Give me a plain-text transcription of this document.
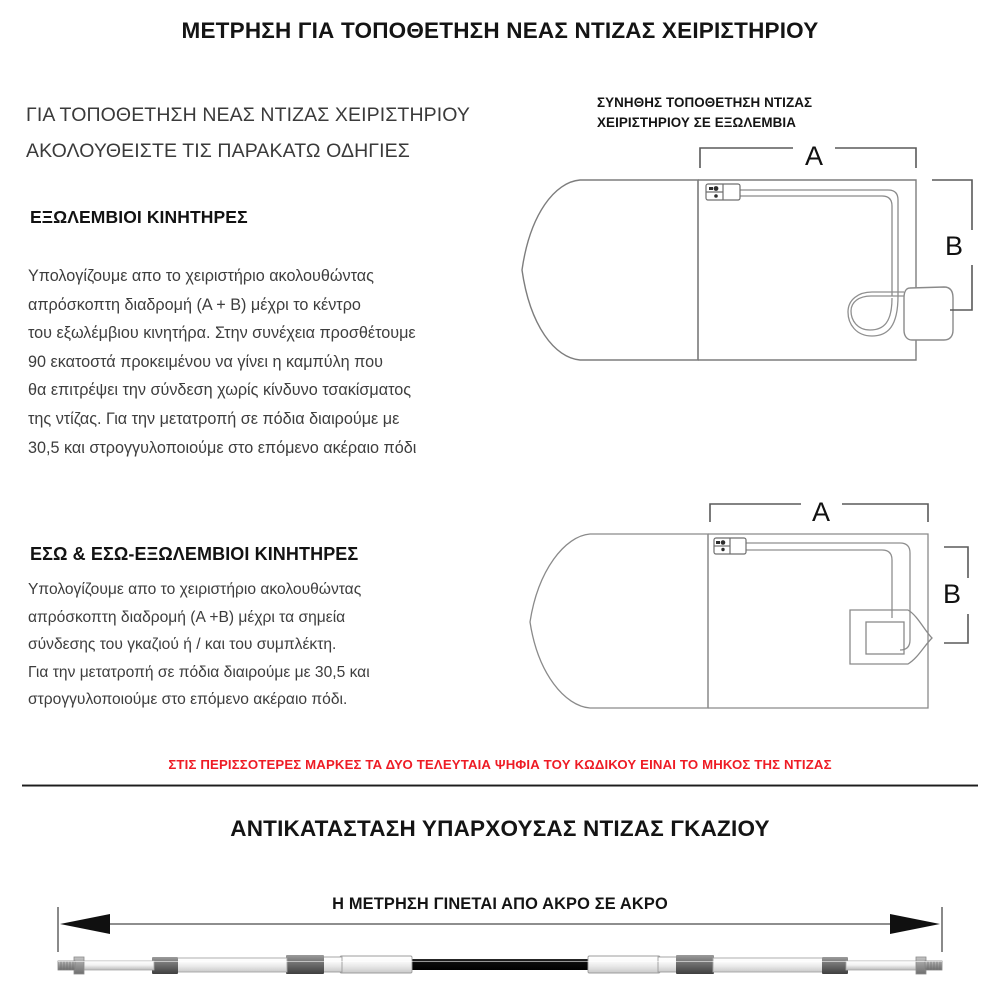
ΜΕΤΡΗΣΗ ΓΙΑ ΤΟΠΟΘΕΤΗΣΗ ΝΕΑΣ ΝΤΙΖΑΣ ΧΕΙΡΙΣΤΗΡΙΟΥ
ΓΙΑ ΤΟΠΟΘΕΤΗΣΗ ΝΕΑΣ ΝΤΙΖΑΣ ΧΕΙΡΙΣΤΗΡΙΟΥ
ΑΚΟΛΟΥΘΕΙΣΤΕ ΤΙΣ ΠΑΡΑΚΑΤΩ ΟΔΗΓΙΕΣ
ΕΞΩΛΕΜΒΙΟΙ ΚΙΝΗΤΗΡΕΣ
Υπολογίζουμε απο το χειριστήριο ακολουθώντας
απρόσκοπτη διαδρομή (Α + Β) μέχρι το κέντρο
του εξωλέμβιου κινητήρα. Στην συνέχεια προσθέτουμε
90 εκατοστά προκειμένου να γίνει η καμπύλη που
θα επιτρέψει την σύνδεση χωρίς κίνδυνο τσακίσματος
της ντίζας. Για την μετατροπή σε πόδια διαιρούμε με
30,5 και στρογγυλοποιούμε στο επόμενο ακέραιο πόδι
ΕΣΩ & ΕΣΩ-ΕΞΩΛΕΜΒΙΟΙ ΚΙΝΗΤΗΡΕΣ
Υπολογίζουμε απο το χειριστήριο ακολουθώντας
απρόσκοπτη διαδρομή (Α +Β) μέχρι τα σημεία
σύνδεσης του γκαζιού ή / και του συμπλέκτη.
Για την μετατροπή σε πόδια διαιρούμε με 30,5 και
στρογγυλοποιούμε στο επόμενο ακέραιο πόδι.
ΣΥΝΗΘΗΣ ΤΟΠΟΘΕΤΗΣΗ ΝΤΙΖΑΣ
ΧΕΙΡΙΣΤΗΡΙΟΥ ΣΕ ΕΞΩΛΕΜΒΙΑ
A
B
A
B
ΣΤΙΣ ΠΕΡΙΣΣΟΤΕΡΕΣ ΜΑΡΚΕΣ ΤΑ ΔΥΟ ΤΕΛΕΥΤΑΙΑ ΨΗΦΙΑ ΤΟΥ ΚΩΔΙΚΟΥ ΕΙΝΑΙ ΤΟ ΜΗΚΟΣ ΤΗΣ ΝΤΙΖΑΣ
ΑΝΤΙΚΑΤΑΣΤΑΣΗ ΥΠΑΡΧΟΥΣΑΣ ΝΤΙΖΑΣ ΓΚΑΖΙΟΥ
Η ΜΕΤΡΗΣΗ ΓΙΝΕΤΑΙ ΑΠΟ ΑΚΡΟ ΣΕ ΑΚΡΟ
